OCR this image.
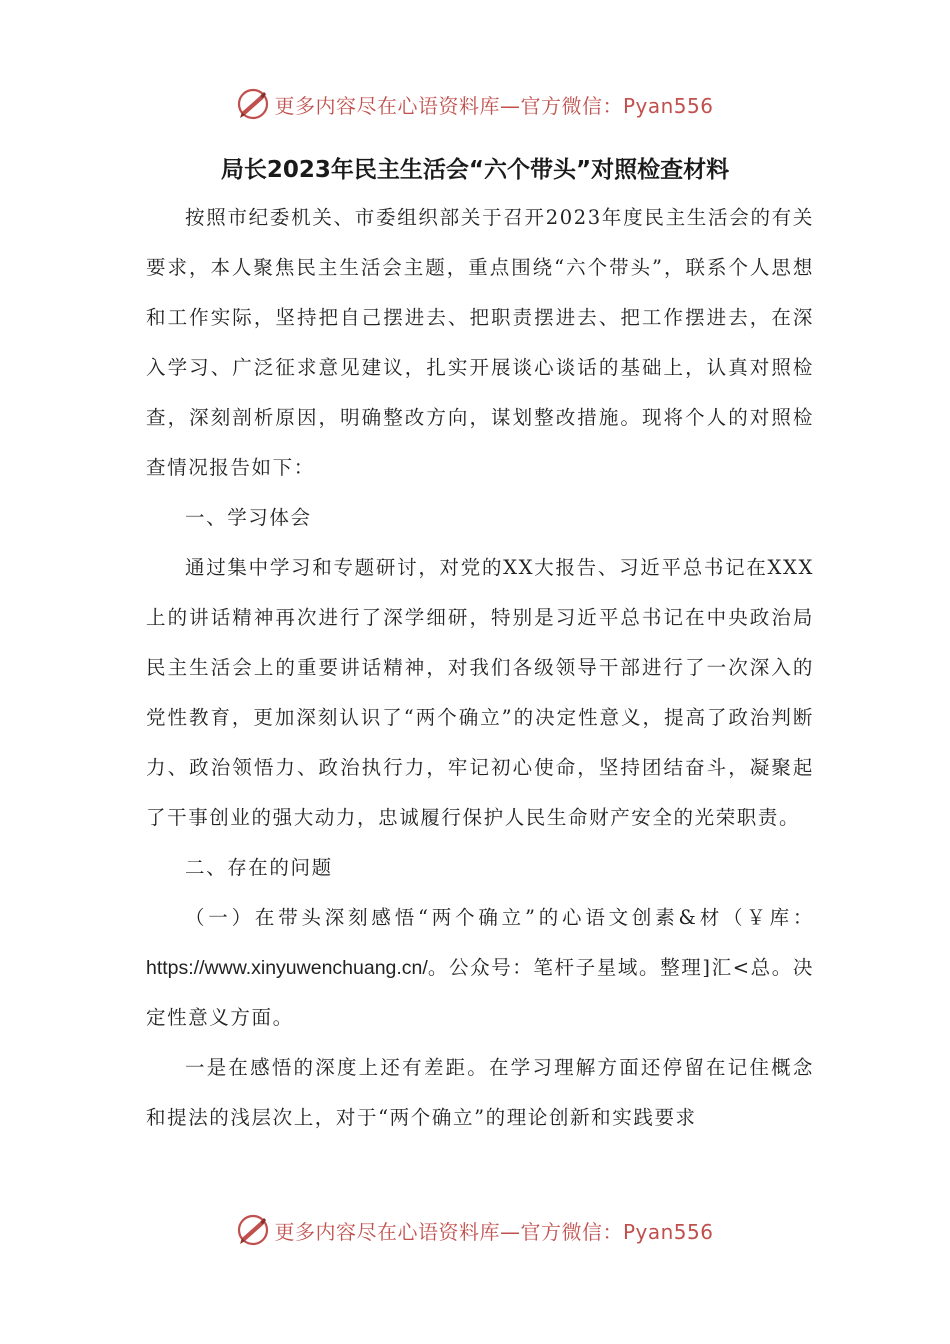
更多内容尽在心语资料库—官方微信：Pyan556
局长2023年民主生活会“六个带头”对照检查材料

按照市纪委机关、市委组织部关于召开2023年度民主生活会的有关要求，本人聚焦民主生活会主题，重点围绕“六个带头”，联系个人思想和工作实际，坚持把自己摆进去、把职责摆进去、把工作摆进去，在深入学习、广泛征求意见建议，扎实开展谈心谈话的基础上，认真对照检查，深刻剖析原因，明确整改方向，谋划整改措施。现将个人的对照检查情况报告如下：

一、学习体会

通过集中学习和专题研讨，对党的XX大报告、习近平总书记在XXX上的讲话精神再次进行了深学细研，特别是习近平总书记在中央政治局民主生活会上的重要讲话精神，对我们各级领导干部进行了一次深入的党性教育，更加深刻认识了“两个确立”的决定性意义，提高了政治判断力、政治领悟力、政治执行力，牢记初心使命，坚持团结奋斗，凝聚起了干事创业的强大动力，忠诚履行保护人民生命财产安全的光荣职责。

二、存在的问题

（一）在带头深刻感悟“两个确立”的心语文创素&材（￥库：https://www.xinyuwenchuang.cn/。公众号：笔杆子星域。整理]汇<总。决定性意义方面。

一是在感悟的深度上还有差距。在学习理解方面还停留在记住概念和提法的浅层次上，对于“两个确立”的理论创新和实践要求

更多内容尽在心语资料库—官方微信：Pyan556
